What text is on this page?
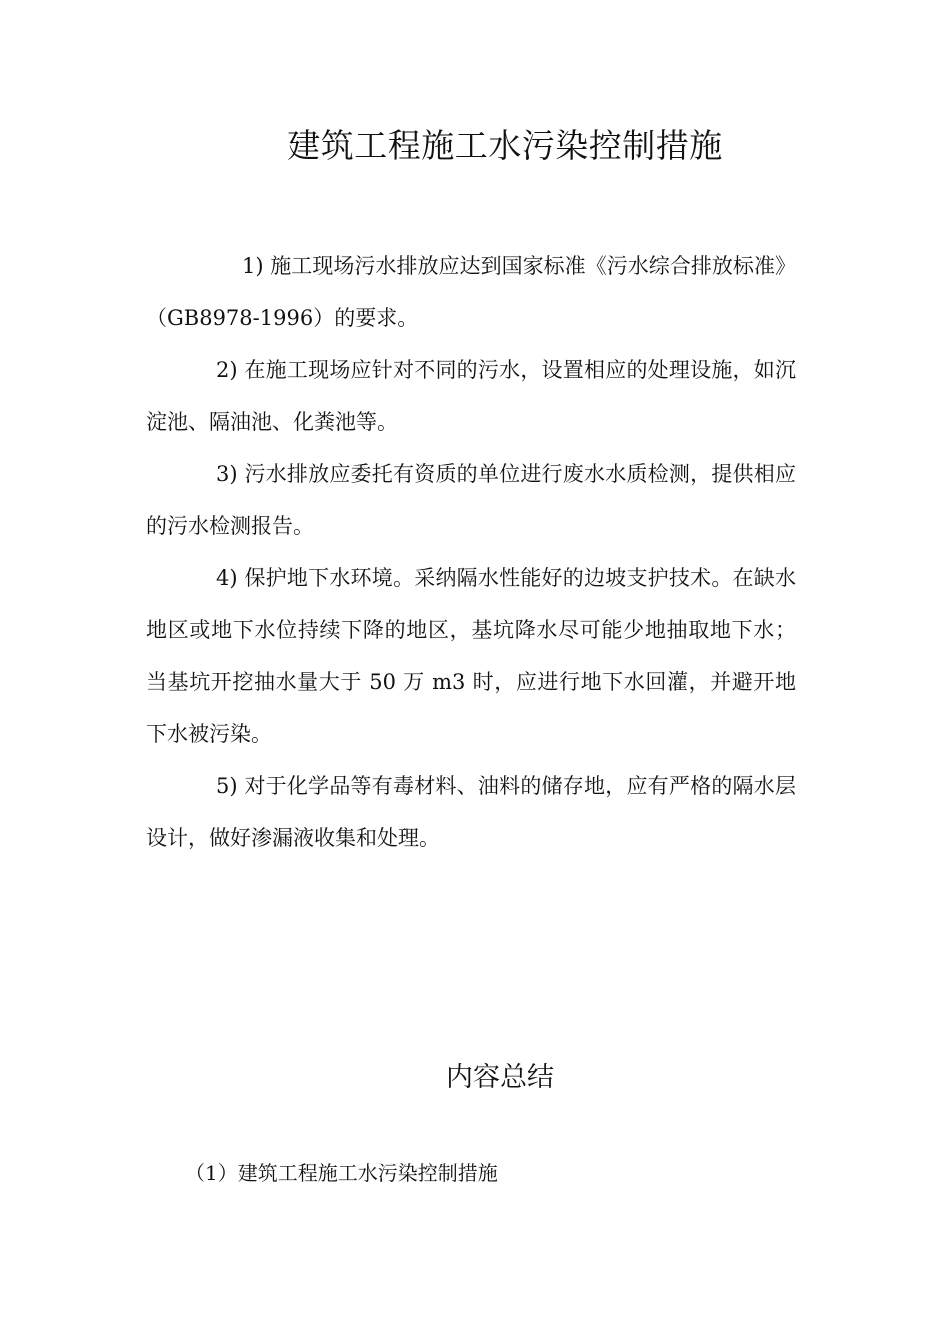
建筑工程施工水污染控制措施

1) 施工现场污水排放应达到国家标准《污水综合排放标准》（GB8978-1996）的要求。

2) 在施工现场应针对不同的污水，设置相应的处理设施，如沉淀池、隔油池、化粪池等。

3) 污水排放应委托有资质的单位进行废水水质检测，提供相应的污水检测报告。

4) 保护地下水环境。采纳隔水性能好的边坡支护技术。在缺水地区或地下水位持续下降的地区，基坑降水尽可能少地抽取地下水；当基坑开挖抽水量大于 50 万 m3 时，应进行地下水回灌，并避开地下水被污染。

5) 对于化学品等有毒材料、油料的储存地，应有严格的隔水层设计，做好渗漏液收集和处理。

内容总结

（1）建筑工程施工水污染控制措施
